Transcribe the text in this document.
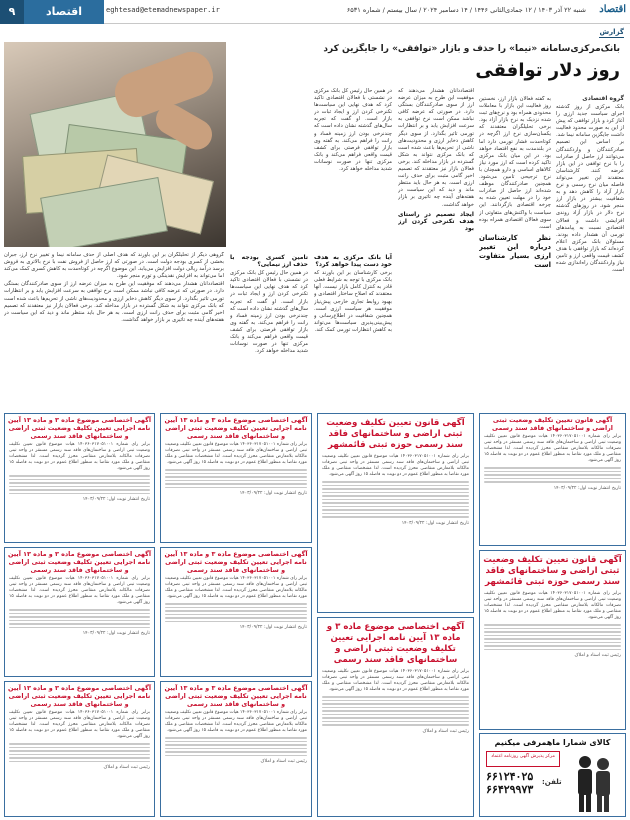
اقتصاد
شنبه ۲۲ آذر ۱۴۰۳ / ۱۲ جمادی‌الثانی ۱۴۴۶ / ۱۴ دسامبر ۲۰۲۴ / سال بیستم / شماره ۶۵۳۱
eghtesad@etemadnewspaper.ir
اقتصاد
۹
گزارش
بانک‌مرکزی‌سامانه «نیما» را حذف و بازار «توافقی» را جایگزین کرد
روز دلار توافقی
گروه اقتصادی

بانک مرکزی از روز گذشته اجرای سیاست جدید ارزی را آغاز کرد و بازار توافقی که پیش از این به صورت محدود فعالیت داشت جایگزین سامانه نیما شد. بر اساس این تصمیم صادرکنندگان و واردکنندگان می‌توانند ارز حاصل از صادرات را با نرخ توافقی در این بازار عرضه کنند. کارشناسان معتقدند این تغییر می‌تواند فاصله میان نرخ رسمی و نرخ بازار آزاد را کاهش دهد و به شفافیت بیشتر در بازار ارز منجر شود. در روزهای گذشته نرخ دلار در بازار آزاد روندی افزایشی داشت و فعالان اقتصادی نسبت به پیامدهای تورمی آن هشدار داده بودند. مسئولان بانک مرکزی اعلام کرده‌اند که بازار توافقی با هدف کشف قیمت واقعی ارز و تامین نیاز واردکنندگان راه‌اندازی شده است.

به گفته فعالان بازار ارز، نخستین روز فعالیت این بازار با معاملات محدودی همراه بود و نرخ‌های ثبت شده نزدیک به نرخ بازار آزاد بود. برخی تحلیلگران معتقدند که یکسان‌سازی نرخ ارز اگرچه در کوتاه‌مدت فشار تورمی دارد اما در بلندمدت به نفع اقتصاد خواهد بود. در این میان بانک مرکزی تاکید کرده است که ارز مورد نیاز کالاهای اساسی و دارو همچنان با نرخ ترجیحی تامین می‌شود. همچنین صادرکنندگان موظف شده‌اند ارز حاصل از صادرات خود را در مهلت تعیین شده به چرخه اقتصادی بازگردانند. این سیاست با واکنش‌های متفاوتی از سوی فعالان اقتصادی همراه بوده است.

نظر کارشناسان درباره این تغییر ارزی بسیار متفاوت است

اقتصاددانان هشدار می‌دهند که موفقیت این طرح به میزان عرضه ارز از سوی صادرکنندگان بستگی دارد. در صورتی که عرضه کافی نباشد ممکن است نرخ توافقی به سرعت افزایش یابد و بر انتظارات تورمی تاثیر بگذارد. از سوی دیگر کاهش ذخایر ارزی و محدودیت‌های ناشی از تحریم‌ها باعث شده است که بانک مرکزی نتواند به شکل گسترده در بازار مداخله کند. برخی فعالان بازار نیز معتقدند که تصمیم اخیر گامی مثبت برای حذف رانت ارزی است. به هر حال باید منتظر ماند و دید که این سیاست در هفته‌های آینده چه تاثیری بر بازار خواهد گذاشت.

ایجاد تصمیم در راستای هدف تکنرخی کردن ارز بود

در همین حال رئیس کل بانک مرکزی در نشستی با فعالان اقتصادی تاکید کرد که هدف نهایی این سیاست‌ها تکنرخی کردن ارز و ایجاد ثبات در بازار است. او گفت که تجربه سال‌های گذشته نشان داده است که چندنرخی بودن ارز زمینه فساد و رانت را فراهم می‌کند. به گفته وی بازار توافقی فرصتی برای کشف قیمت واقعی فراهم می‌کند و بانک مرکزی تنها در صورت نوسانات شدید مداخله خواهد کرد.

آیا بانک مرکزی به هدف خود دست پیدا خواهد کرد؟

برخی کارشناسان بر این باورند که بانک مرکزی با توجه به شرایط فعلی قادر به کنترل کامل بازار نیست. آنها معتقدند که اصلاح ساختار اقتصادی و بهبود روابط تجاری خارجی پیش‌نیاز موفقیت هر سیاست ارزی است. همچنین شفافیت در اطلاع‌رسانی و پیش‌بینی‌پذیری سیاست‌ها می‌تواند به کاهش انتظارات تورمی کمک کند.

تامین کسری بودجه با حذف ارز نیمایی؟

در همین حال رئیس کل بانک مرکزی در نشستی با فعالان اقتصادی تاکید کرد که هدف نهایی این سیاست‌ها تکنرخی کردن ارز و ایجاد ثبات در بازار است. او گفت که تجربه سال‌های گذشته نشان داده است که چندنرخی بودن ارز زمینه فساد و رانت را فراهم می‌کند. به گفته وی بازار توافقی فرصتی برای کشف قیمت واقعی فراهم می‌کند و بانک مرکزی تنها در صورت نوسانات شدید مداخله خواهد کرد.

گروهی دیگر از تحلیلگران بر این باورند که هدف اصلی از حذف سامانه نیما و تغییر نرخ ارز، جبران بخشی از کسری بودجه دولت است. در صورتی که ارز حاصل از فروش نفت با نرخ بالاتری به فروش برسد درآمد ریالی دولت افزایش می‌یابد. این موضوع اگرچه در کوتاه‌مدت به کاهش کسری کمک می‌کند اما می‌تواند به افزایش نقدینگی و تورم منجر شود.

اقتصاددانان هشدار می‌دهند که موفقیت این طرح به میزان عرضه ارز از سوی صادرکنندگان بستگی دارد. در صورتی که عرضه کافی نباشد ممکن است نرخ توافقی به سرعت افزایش یابد و بر انتظارات تورمی تاثیر بگذارد. از سوی دیگر کاهش ذخایر ارزی و محدودیت‌های ناشی از تحریم‌ها باعث شده است که بانک مرکزی نتواند به شکل گسترده در بازار مداخله کند. برخی فعالان بازار نیز معتقدند که تصمیم اخیر گامی مثبت برای حذف رانت ارزی است. به هر حال باید منتظر ماند و دید که این سیاست در هفته‌های آینده چه تاثیری بر بازار خواهد گذاشت.

آگهی قانون تعیین تکلیف وضعیت ثبتی اراضی و ساختمانهای فاقد سند رسمی
برابر رای شماره ۱۴۰۳۶۰۳۱۷۰۵۱۰۰۱ هیات موضوع قانون تعیین تکلیف وضعیت ثبتی اراضی و ساختمان‌های فاقد سند رسمی مستقر در واحد ثبتی تصرفات مالکانه بلامعارض متقاضی محرز گردیده است. لذا مشخصات متقاضی و ملک مورد تقاضا به منظور اطلاع عموم در دو نوبت به فاصله ۱۵ روز آگهی می‌شود.
تاریخ انتشار نوبت اول: ۱۴۰۳/۰۹/۲۲
آگهی قانون تعیین تکلیف وضعیت ثبتی اراضی و ساختمانهای فاقد سند رسمی حوزه ثبتی قائمشهر
برابر رای شماره ۱۴۰۳۶۰۳۱۷۰۵۱۰۰۱ هیات موضوع قانون تعیین تکلیف وضعیت ثبتی اراضی و ساختمان‌های فاقد سند رسمی مستقر در واحد ثبتی تصرفات مالکانه بلامعارض متقاضی محرز گردیده است. لذا مشخصات متقاضی و ملک مورد تقاضا به منظور اطلاع عموم در دو نوبت به فاصله ۱۵ روز آگهی می‌شود.
رئیس ثبت اسناد و املاک
آگهی قانون تعیین تکلیف وضعیت ثبتی اراضی و ساختمانهای فاقد سند رسمی حوزه ثبتی قائمشهر
برابر رای شماره ۱۴۰۳۶۰۳۱۷۰۵۱۰۰۱ هیات موضوع قانون تعیین تکلیف وضعیت ثبتی اراضی و ساختمان‌های فاقد سند رسمی مستقر در واحد ثبتی تصرفات مالکانه بلامعارض متقاضی محرز گردیده است. لذا مشخصات متقاضی و ملک مورد تقاضا به منظور اطلاع عموم در دو نوبت به فاصله ۱۵ روز آگهی می‌شود.
تاریخ انتشار نوبت اول: ۱۴۰۳/۰۹/۲۲
آگهی اختصاصی موضوع ماده ۳ و ماده ۱۳ آیین نامه اجرایی تعیین تکلیف وضعیت ثبتی اراضی و ساختمانهای فاقد سند رسمی
برابر رای شماره ۱۴۰۳۶۰۳۱۷۰۵۱۰۰۱ هیات موضوع قانون تعیین تکلیف وضعیت ثبتی اراضی و ساختمان‌های فاقد سند رسمی مستقر در واحد ثبتی تصرفات مالکانه بلامعارض متقاضی محرز گردیده است. لذا مشخصات متقاضی و ملک مورد تقاضا به منظور اطلاع عموم در دو نوبت به فاصله ۱۵ روز آگهی می‌شود.
رئیس ثبت اسناد و املاک
آگهی اختصاصی موضوع ماده ۳ و ماده ۱۳ آیین نامه اجرایی تعیین تکلیف وضعیت ثبتی اراضی و ساختمانهای فاقد سند رسمی
برابر رای شماره ۱۴۰۳۶۰۳۱۷۰۵۱۰۰۱ هیات موضوع قانون تعیین تکلیف وضعیت ثبتی اراضی و ساختمان‌های فاقد سند رسمی مستقر در واحد ثبتی تصرفات مالکانه بلامعارض متقاضی محرز گردیده است. لذا مشخصات متقاضی و ملک مورد تقاضا به منظور اطلاع عموم در دو نوبت به فاصله ۱۵ روز آگهی می‌شود.
تاریخ انتشار نوبت اول: ۱۴۰۳/۰۹/۲۲
آگهی اختصاصی موضوع ماده ۳ و ماده ۱۳ آیین نامه اجرایی تعیین تکلیف وضعیت ثبتی اراضی و ساختمانهای فاقد سند رسمی
برابر رای شماره ۱۴۰۳۶۰۳۱۷۰۵۱۰۰۱ هیات موضوع قانون تعیین تکلیف وضعیت ثبتی اراضی و ساختمان‌های فاقد سند رسمی مستقر در واحد ثبتی تصرفات مالکانه بلامعارض متقاضی محرز گردیده است. لذا مشخصات متقاضی و ملک مورد تقاضا به منظور اطلاع عموم در دو نوبت به فاصله ۱۵ روز آگهی می‌شود.
تاریخ انتشار نوبت اول: ۱۴۰۳/۰۹/۲۲
آگهی اختصاصی موضوع ماده ۳ و ماده ۱۳ آیین نامه اجرایی تعیین تکلیف وضعیت ثبتی اراضی و ساختمانهای فاقد سند رسمی
برابر رای شماره ۱۴۰۳۶۰۳۱۷۰۵۱۰۰۱ هیات موضوع قانون تعیین تکلیف وضعیت ثبتی اراضی و ساختمان‌های فاقد سند رسمی مستقر در واحد ثبتی تصرفات مالکانه بلامعارض متقاضی محرز گردیده است. لذا مشخصات متقاضی و ملک مورد تقاضا به منظور اطلاع عموم در دو نوبت به فاصله ۱۵ روز آگهی می‌شود.
رئیس ثبت اسناد و املاک
آگهی اختصاصی موضوع ماده ۳ و ماده ۱۳ آیین نامه اجرایی تعیین تکلیف وضعیت ثبتی اراضی و ساختمانهای فاقد سند رسمی
برابر رای شماره ۱۴۰۳۶۰۳۱۷۰۵۱۰۰۱ هیات موضوع قانون تعیین تکلیف وضعیت ثبتی اراضی و ساختمان‌های فاقد سند رسمی مستقر در واحد ثبتی تصرفات مالکانه بلامعارض متقاضی محرز گردیده است. لذا مشخصات متقاضی و ملک مورد تقاضا به منظور اطلاع عموم در دو نوبت به فاصله ۱۵ روز آگهی می‌شود.
تاریخ انتشار نوبت اول: ۱۴۰۳/۰۹/۲۲
آگهی اختصاصی موضوع ماده ۳ و ماده ۱۳ آیین نامه اجرایی تعیین تکلیف وضعیت ثبتی اراضی و ساختمانهای فاقد سند رسمی
برابر رای شماره ۱۴۰۳۶۰۳۱۷۰۵۱۰۰۱ هیات موضوع قانون تعیین تکلیف وضعیت ثبتی اراضی و ساختمان‌های فاقد سند رسمی مستقر در واحد ثبتی تصرفات مالکانه بلامعارض متقاضی محرز گردیده است. لذا مشخصات متقاضی و ملک مورد تقاضا به منظور اطلاع عموم در دو نوبت به فاصله ۱۵ روز آگهی می‌شود.
تاریخ انتشار نوبت اول: ۱۴۰۳/۰۹/۲۲
آگهی اختصاصی موضوع ماده ۳ و ماده ۱۳ آیین نامه اجرایی تعیین تکلیف وضعیت ثبتی اراضی و ساختمانهای فاقد سند رسمی
برابر رای شماره ۱۴۰۳۶۰۳۱۷۰۵۱۰۰۱ هیات موضوع قانون تعیین تکلیف وضعیت ثبتی اراضی و ساختمان‌های فاقد سند رسمی مستقر در واحد ثبتی تصرفات مالکانه بلامعارض متقاضی محرز گردیده است. لذا مشخصات متقاضی و ملک مورد تقاضا به منظور اطلاع عموم در دو نوبت به فاصله ۱۵ روز آگهی می‌شود.
رئیس ثبت اسناد و املاک
کالای شمارا ماهمرفی میکنیم
مرکز پذیرش آگهی روزنامه اعتماد
تلفن:
۶۶۱۲۴۰۲۵
۶۶۴۲۹۹۷۳
